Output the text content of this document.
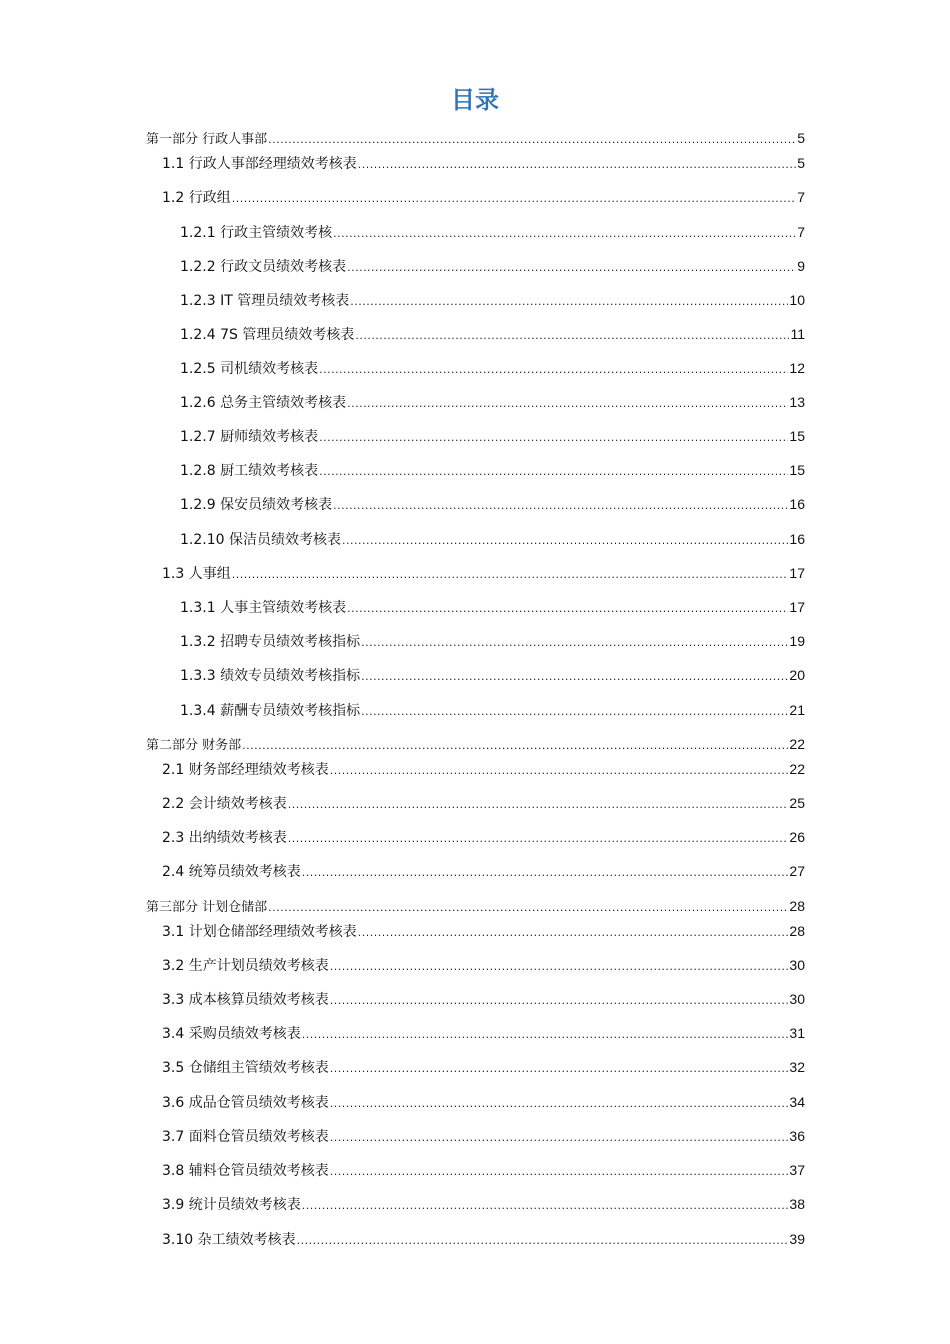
目录
第一部分 行政人事部 .....	5
1.1 行政人事部经理绩效考核表 .....	5
1.2 行政组 .....	7
1.2.1 行政主管绩效考核 .....	7
1.2.2 行政文员绩效考核表 .....	9
1.2.3 IT 管理员绩效考核表 .....	10
1.2.4 7S 管理员绩效考核表 .....	11
1.2.5 司机绩效考核表 .....	12
1.2.6 总务主管绩效考核表 .....	13
1.2.7 厨师绩效考核表 .....	15
1.2.8 厨工绩效考核表 .....	15
1.2.9 保安员绩效考核表 .....	16
1.2.10 保洁员绩效考核表 .....	16
1.3 人事组 .....	17
1.3.1 人事主管绩效考核表 .....	17
1.3.2 招聘专员绩效考核指标 .....	19
1.3.3 绩效专员绩效考核指标 .....	20
1.3.4 薪酬专员绩效考核指标 .....	21
第二部分 财务部 .....	22
2.1 财务部经理绩效考核表 .....	22
2.2 会计绩效考核表 .....	25
2.3 出纳绩效考核表 .....	26
2.4 统筹员绩效考核表 .....	27
第三部分 计划仓储部 .....	28
3.1 计划仓储部经理绩效考核表 .....	28
3.2 生产计划员绩效考核表 .....	30
3.3 成本核算员绩效考核表 .....	30
3.4 采购员绩效考核表 .....	31
3.5 仓储组主管绩效考核表 .....	32
3.6 成品仓管员绩效考核表 .....	34
3.7 面料仓管员绩效考核表 .....	36
3.8 辅料仓管员绩效考核表 .....	37
3.9 统计员绩效考核表 .....	38
3.10 杂工绩效考核表 .....	39
